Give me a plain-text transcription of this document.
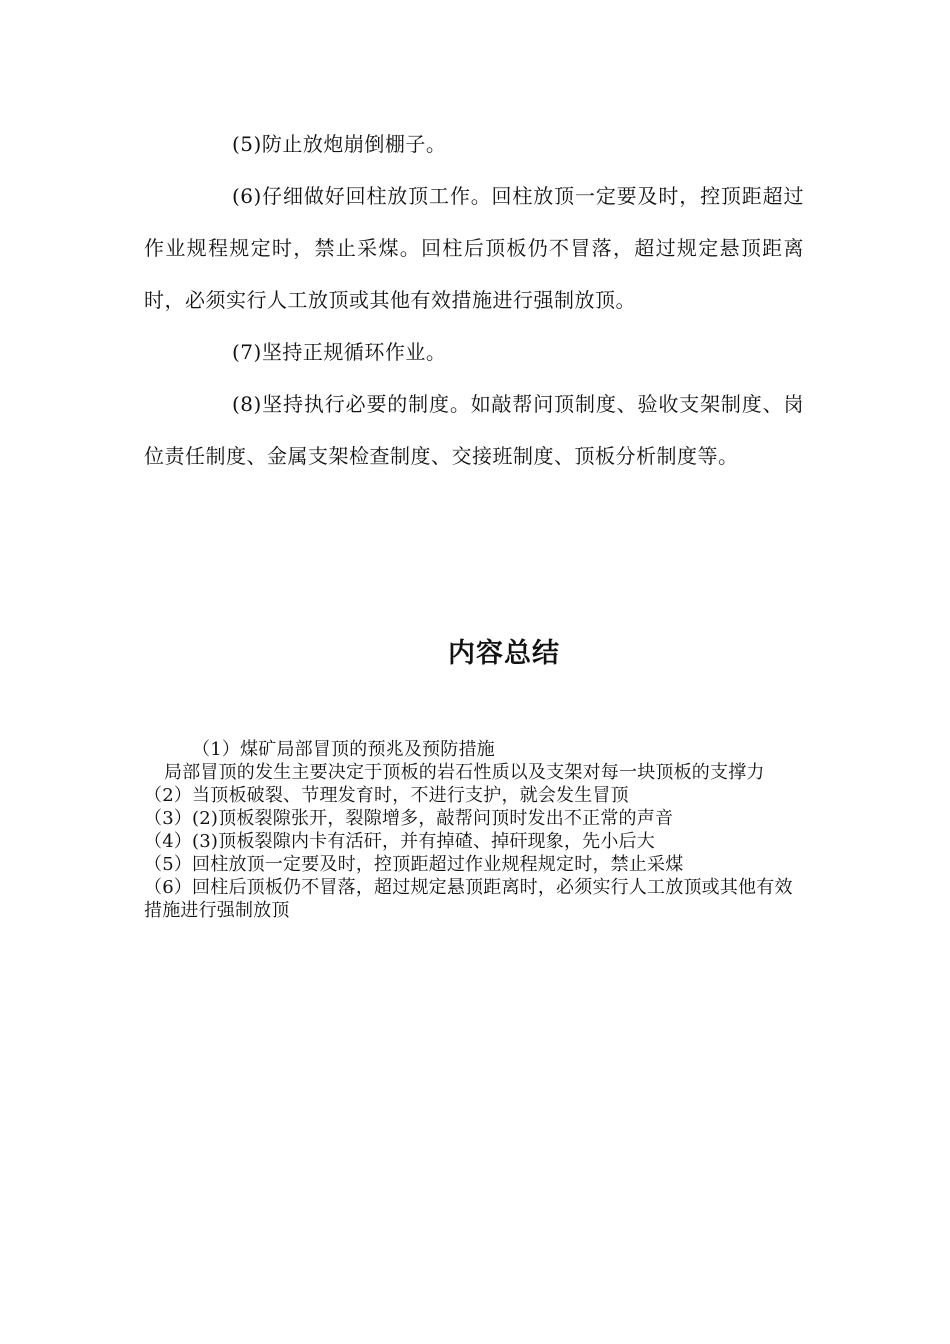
(5)防止放炮崩倒棚子。

(6)仔细做好回柱放顶工作。回柱放顶一定要及时，控顶距超过作业规程规定时，禁止采煤。回柱后顶板仍不冒落，超过规定悬顶距离时，必须实行人工放顶或其他有效措施进行强制放顶。

(7)坚持正规循环作业。

(8)坚持执行必要的制度。如敲帮问顶制度、验收支架制度、岗位责任制度、金属支架检查制度、交接班制度、顶板分析制度等。

内容总结

（1）煤矿局部冒顶的预兆及预防措施

局部冒顶的发生主要决定于顶板的岩石性质以及支架对每一块顶板的支撑力

（2）当顶板破裂、节理发育时，不进行支护，就会发生冒顶

（3）(2)顶板裂隙张开，裂隙增多，敲帮问顶时发出不正常的声音

（4）(3)顶板裂隙内卡有活矸，并有掉碴、掉矸现象，先小后大

（5）回柱放顶一定要及时，控顶距超过作业规程规定时，禁止采煤

（6）回柱后顶板仍不冒落，超过规定悬顶距离时，必须实行人工放顶或其他有效措施进行强制放顶
